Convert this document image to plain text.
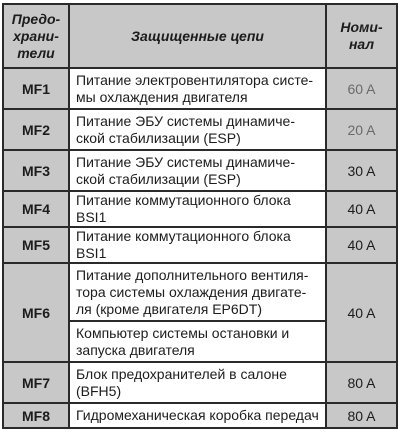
Предо-
храни-
тели	Защищенные цепи	Номи-
нал

MF1	Питание электровентилятора систе-
мы охлаждения двигателя	60 A
MF2	Питание ЭБУ системы динамиче-
ской стабилизации (ESP)	20 A
MF3	Питание ЭБУ системы динамиче-
ской стабилизации (ESP)	30 A
MF4	Питание коммутационного блока BSI1	40 A
MF5	Питание коммутационного блока BSI1	40 A
MF6	Питание дополнительного вентиля-
тора системы охлаждения двигате-
ля (кроме двигателя EP6DT)	40 A

	Компьютер системы остановки и
запуска двигателя	

MF7	Блок предохранителей в салоне
(BFH5)	80 A
MF8	Гидромеханическая коробка передач	80 A
